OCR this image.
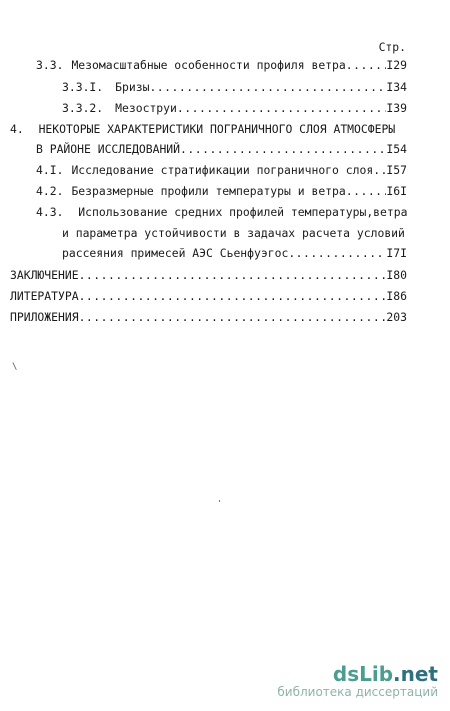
Стр.
3.3. Мезомасштабные особенности профиля ветра .....	I29
3.3.I. Бризы .....	I34
3.3.2. Мезоструи .....	I39
4. НЕКОТОРЫЕ ХАРАКТЕРИСТИКИ ПОГРАНИЧНОГО СЛОЯ АТМОСФЕРЫ
В РАЙОНЕ ИССЛЕДОВАНИЙ .....	I54
4.I. Исследование стратификации пограничного слоя ..... I57
4.2. Безразмерные профили температуры и ветра .....	I6I
4.3. Использование средних профилей температуры,ветра
и параметра устойчивости в задачах расчета условий
рассеяния примесей АЭС Сьенфуэгос .....	I7I
ЗАКЛЮЧЕНИЕ .....	I80
ЛИТЕРАТУРА .....	I86
ПРИЛОЖЕНИЯ .....	203
\
dsLib.net
библиотека диссертаций
